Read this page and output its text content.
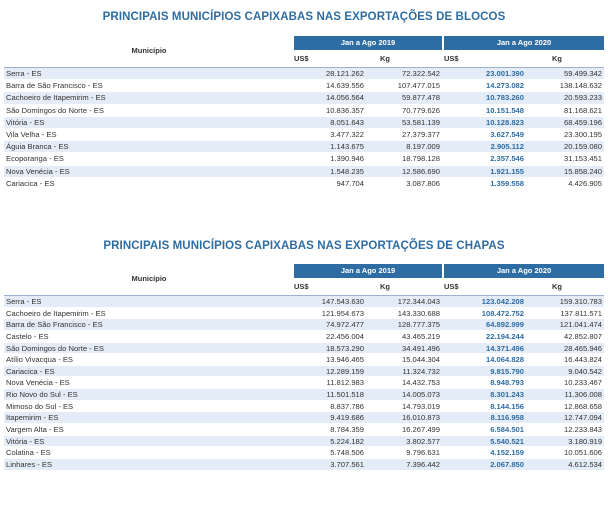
PRINCIPAIS MUNICÍPIOS CAPIXABAS NAS EXPORTAÇÕES DE BLOCOS
Jan a Ago 2019	Jan a Ago 2020
Município
US$	Kg	US$	Kg
Serra - ES	28.121.262	72.322.542	23.001.390	59.499.342
Barra de São Francisco - ES	14.639.556	107.477.015	14.273.082	138.148.632
Cachoeiro de Itapemirim - ES	14.056.564	59.877.478	10.783.260	20.593.233
São Domingos do Norte - ES	10.836.357	70.779.626	10.151.548	81.168.621
Vitória - ES	8.051.643	53.581.139	10.128.823	68.459.196
Vila Velha - ES	3.477.322	27.379.377	3.627.549	23.300.195
Águia Branca - ES	1.143.675	8.197.009	2.905.112	20.159.080
Ecoporanga - ES	1.390.946	18.798.128	2.357.546	31.153.451
Nova Venécia - ES	1.548.235	12.586.690	1.921.155	15.858.240
Cariacica - ES	947.704	3.087.806	1.359.558	4.426.905
PRINCIPAIS MUNICÍPIOS CAPIXABAS NAS EXPORTAÇÕES DE CHAPAS
Jan a Ago 2019	Jan a Ago 2020
Município
US$	Kg	US$	Kg
Serra - ES	147.543.630	172.344.043	123.042.208	159.310.783
Cachoeiro de Itapemirim - ES	121.954.673	143.330.688	108.472.752	137.811.571
Barra de São Francisco - ES	74.972.477	128.777.375	64.892.999	121.041.474
Castelo - ES	22.456.004	43.465.219	22.194.244	42.852.807
São Domingos do Norte - ES	18.573.290	34.491.496	14.371.496	28.465.946
Atílio Vivacqua - ES	13.946.465	15.044.304	14.064.828	16.443.824
Cariacica - ES	12.289.159	11.324.732	9.815.790	9.040.542
Nova Venécia - ES	11.812.983	14.432.753	8.948.793	10.233.467
Rio Novo do Sul - ES	11.501.518	14.005.073	8.301.243	11.306.008
Mimoso do Sul - ES	8.837.786	14.793.019	8.144.156	12.868.658
Itapemirim - ES	9.419.686	16.010.873	8.116.958	12.747.094
Vargem Alta - ES	8.784.359	16.267.499	6.584.501	12.233.843
Vitória - ES	5.224.182	3.802.577	5.540.521	3.180.919
Colatina - ES	5.748.506	9.796.631	4.152.159	10.051.606
Linhares - ES	3.707.561	7.396.442	2.067.850	4.612.534
